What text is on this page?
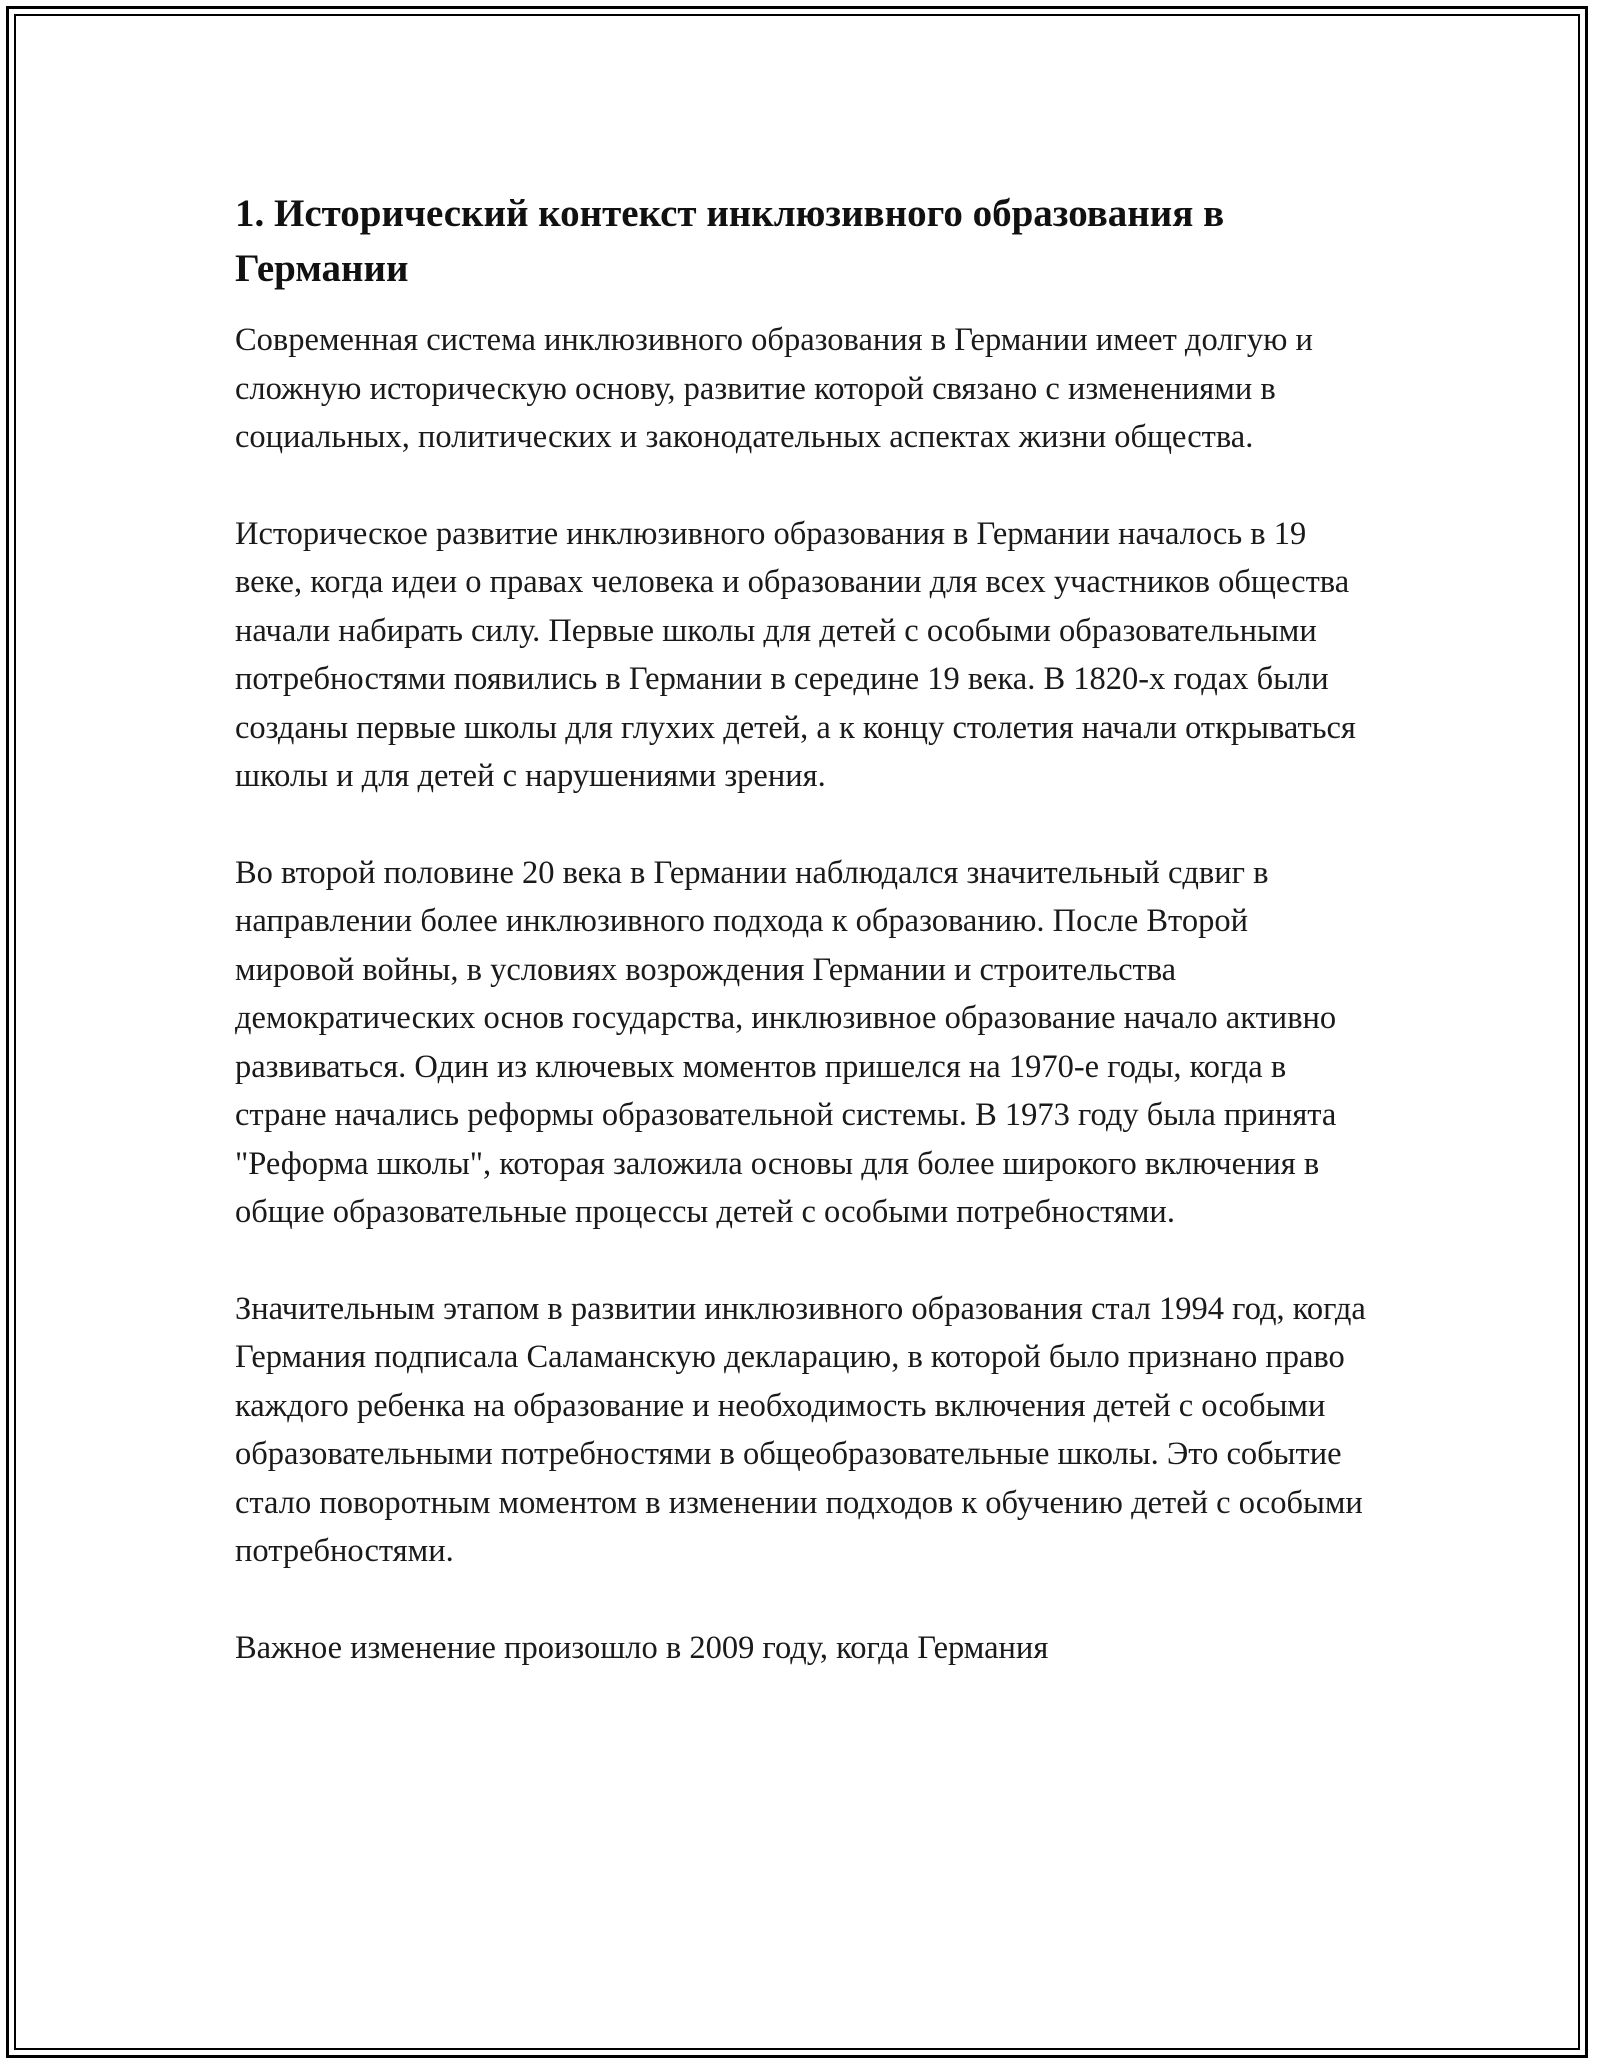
1. Исторический контекст инклюзивного образования в Германии

Современная система инклюзивного образования в Германии имеет долгую и сложную историческую основу, развитие которой связано с изменениями в социальных, политических и законодательных аспектах жизни общества.

Историческое развитие инклюзивного образования в Германии началось в 19 веке, когда идеи о правах человека и образовании для всех участников общества начали набирать силу. Первые школы для детей с особыми образовательными потребностями появились в Германии в середине 19 века. В 1820-х годах были созданы первые школы для глухих детей, а к концу столетия начали открываться школы и для детей с нарушениями зрения.

Во второй половине 20 века в Германии наблюдался значительный сдвиг в направлении более инклюзивного подхода к образованию. После Второй мировой войны, в условиях возрождения Германии и строительства демократических основ государства, инклюзивное образование начало активно развиваться. Один из ключевых моментов пришелся на 1970-е годы, когда в стране начались реформы образовательной системы. В 1973 году была принята "Реформа школы", которая заложила основы для более широкого включения в общие образовательные процессы детей с особыми потребностями.

Значительным этапом в развитии инклюзивного образования стал 1994 год, когда Германия подписала Саламанскую декларацию, в которой было признано право каждого ребенка на образование и необходимость включения детей с особыми образовательными потребностями в общеобразовательные школы. Это событие стало поворотным моментом в изменении подходов к обучению детей с особыми потребностями.

Важное изменение произошло в 2009 году, когда Германия
